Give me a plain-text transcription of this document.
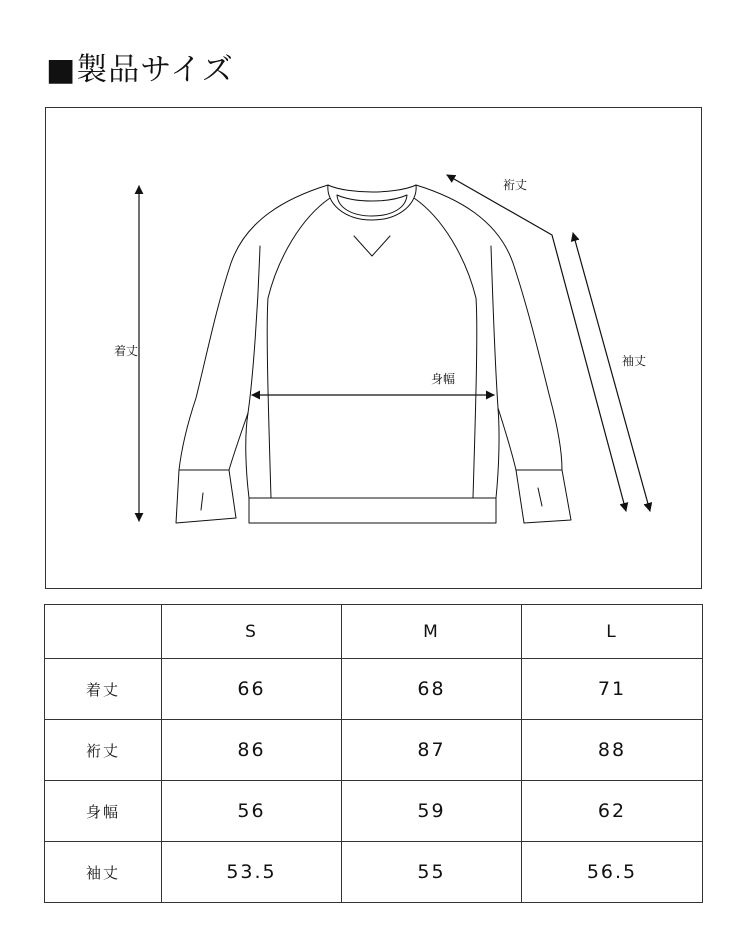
■製品サイズ
着丈
裄丈
袖丈
身幅
	S	M	L
着丈	66	68	71
裄丈	86	87	88
身幅	56	59	62
袖丈	53.5	55	56.5
